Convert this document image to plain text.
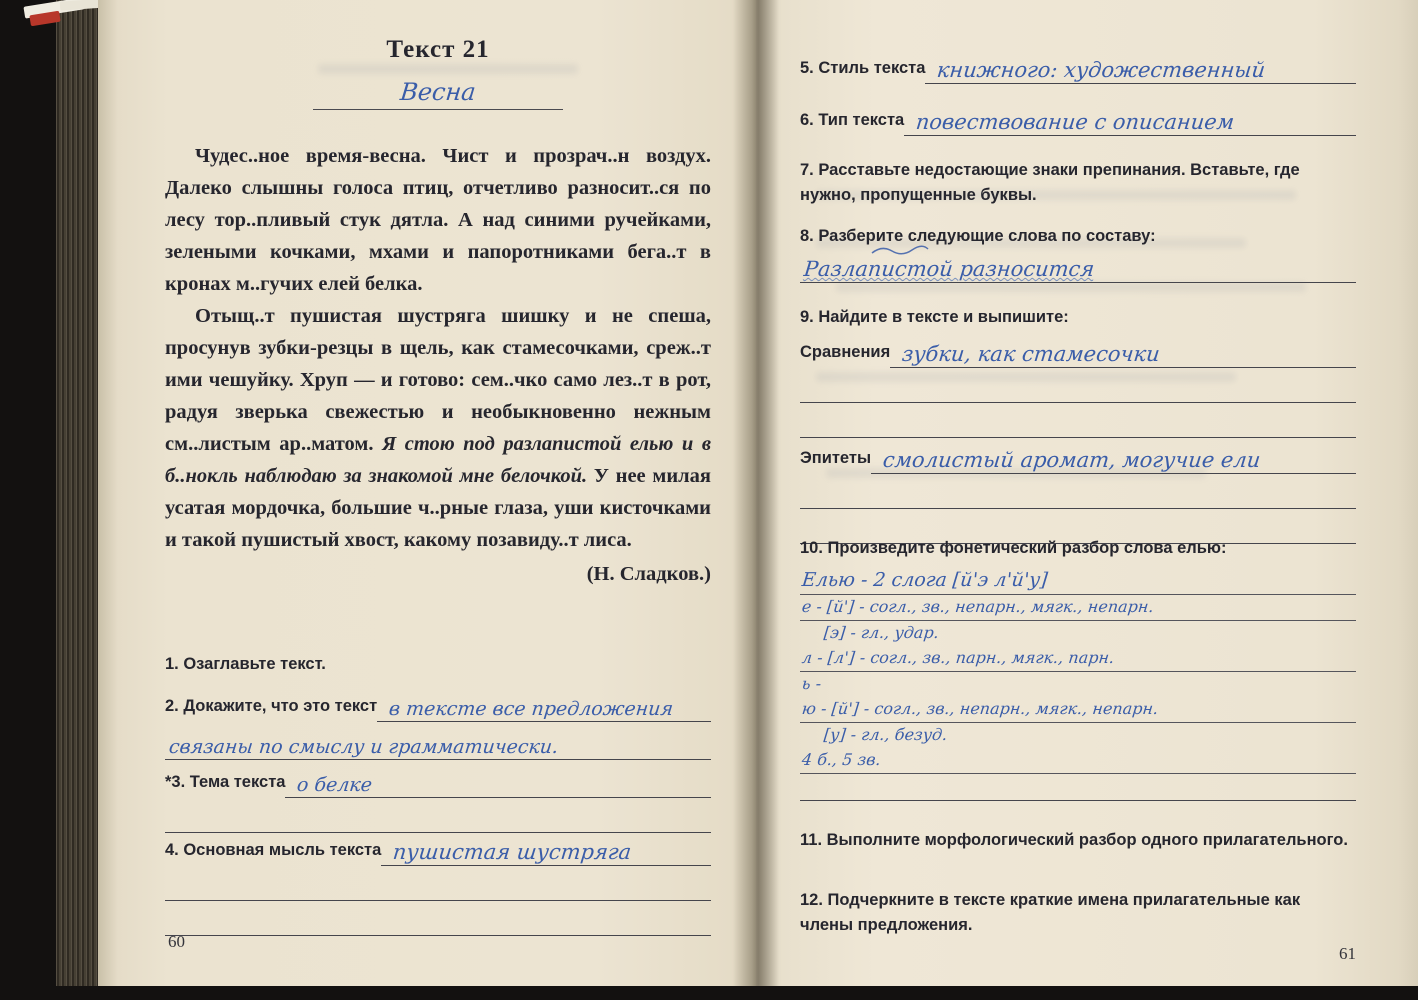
Текст 21
Весна

Чудес..ное время-весна. Чист и прозрач..н воздух. Далеко слышны голоса птиц, отчетливо разносит..ся по лесу тор..пливый стук дятла. А над синими ручейками, зелеными кочками, мхами и папоротниками бега..т в кронах м..гучих елей белка.

Отыщ..т пушистая шустряга шишку и не спеша, просунув зубки-резцы в щель, как стамесочками, среж..т ими чешуйку. Хруп — и готово: сем..чко само лез..т в рот, радуя зверька свежестью и необыкновенно нежным см..листым ар..матом. Я стою под разлапистой елью и в б..нокль наблюдаю за знакомой мне белочкой. У нее милая усатая мордочка, большие ч..рные глаза, уши кисточками и такой пушистый хвост, какому позавиду..т лиса.

(Н. Сладков.)
1. Озаглавьте текст.
2. Докажите, что это текст в тексте все предложения
связаны по смыслу и грамматически.
*3. Тема текста о белке
4. Основная мысль текста пушистая шустряга
60
5. Стиль текста книжного: художественный
6. Тип текста повествование с описанием
7. Расставьте недостающие знаки препинания. Вставьте, где нужно, пропущенные буквы.
8. Разберите следующие слова по составу:
Разлапистой разносится
9. Найдите в тексте и выпишите:
Сравнения зубки, как стамесочки
Эпитеты смолистый аромат, могучие ели
10. Произведите фонетический разбор слова елью:
Елью - 2 слога [й'э л'й'у]
е - [й'] - согл., зв., непарн., мягк., непарн.
[э] - гл., удар.
л - [л'] - согл., зв., парн., мягк., парн.
ь -
ю - [й'] - согл., зв., непарн., мягк., непарн.
[у] - гл., безуд.
4 б., 5 зв.
11. Выполните морфологический разбор одного прилагательного.
12. Подчеркните в тексте краткие имена прилагательные как члены предложения.
61
